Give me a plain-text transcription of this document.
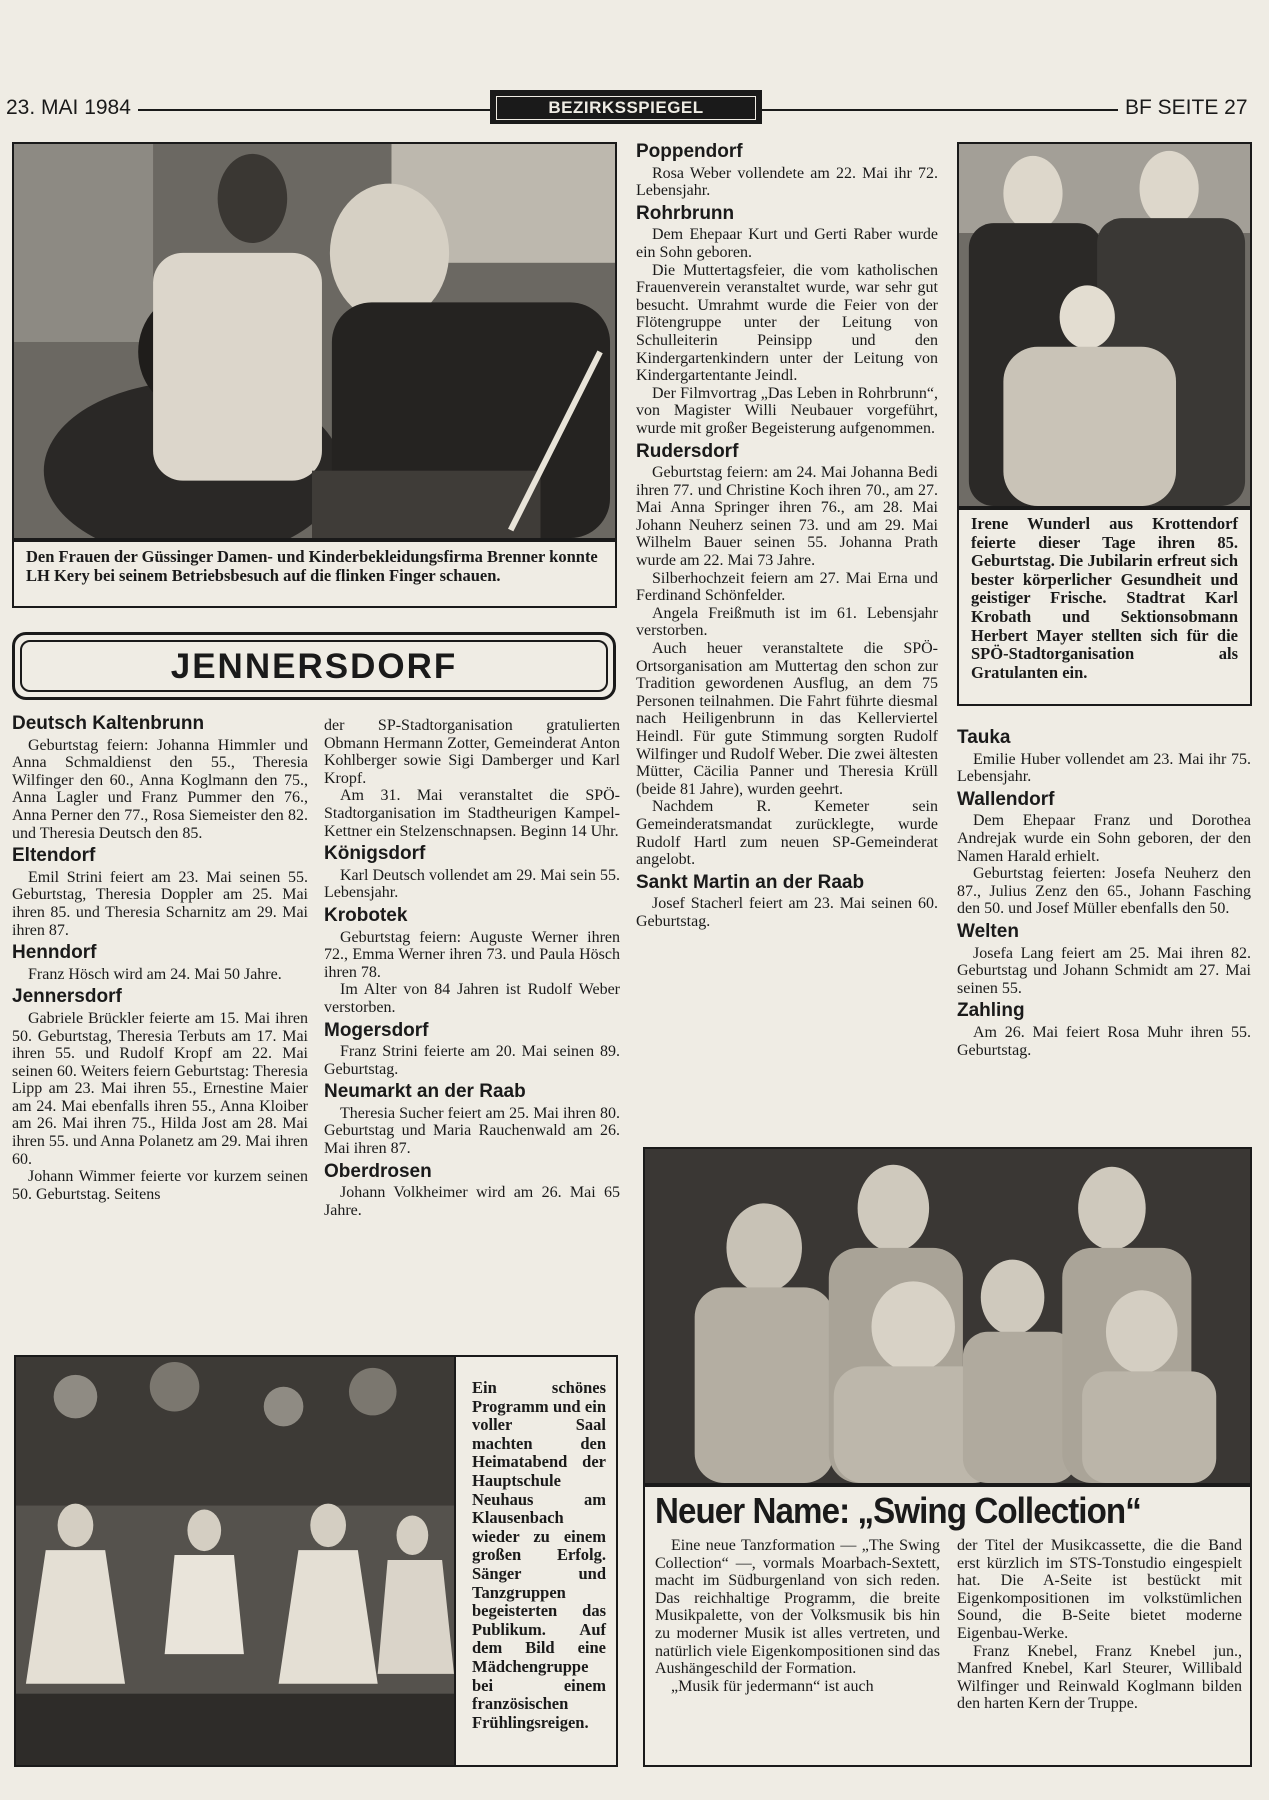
23. MAI 1984	BEZIRKSSPIEGEL	BF SEITE 27
Den Frauen der Güssinger Damen- und Kinderbekleidungsfirma Brenner konnte LH Kery bei seinem Betriebsbesuch auf die flinken Finger schauen.
Irene Wunderl aus Krottendorf feierte dieser Tage ihren 85. Geburtstag. Die Jubilarin erfreut sich bester körperlicher Gesundheit und geistiger Frische. Stadtrat Karl Krobath und Sektionsobmann Herbert Mayer stellten sich für die SPÖ-Stadtorganisation als Gratulanten ein.
JENNERSDORF
Deutsch Kaltenbrunn

Geburtstag feiern: Johanna Himmler und Anna Schmaldienst den 55., Theresia Wilfinger den 60., Anna Koglmann den 75., Anna Lagler und Franz Pummer den 76., Anna Perner den 77., Rosa Siemeister den 82. und Theresia Deutsch den 85.

Eltendorf

Emil Strini feiert am 23. Mai seinen 55. Geburtstag, Theresia Doppler am 25. Mai ihren 85. und Theresia Scharnitz am 29. Mai ihren 87.

Henndorf

Franz Hösch wird am 24. Mai 50 Jahre.

Jennersdorf

Gabriele Brückler feierte am 15. Mai ihren 50. Geburtstag, Theresia Terbuts am 17. Mai ihren 55. und Rudolf Kropf am 22. Mai seinen 60. Weiters feiern Geburtstag: Theresia Lipp am 23. Mai ihren 55., Ernestine Maier am 24. Mai ebenfalls ihren 55., Anna Kloiber am 26. Mai ihren 75., Hilda Jost am 28. Mai ihren 55. und Anna Polanetz am 29. Mai ihren 60.

Johann Wimmer feierte vor kurzem seinen 50. Geburtstag. Seitens

der SP-Stadtorganisation gratulierten Obmann Hermann Zotter, Gemeinderat Anton Kohlberger sowie Sigi Damberger und Karl Kropf.

Am 31. Mai veranstaltet die SPÖ-Stadtorganisation im Stadtheurigen Kampel-Kettner ein Stelzenschnapsen. Beginn 14 Uhr.

Königsdorf

Karl Deutsch vollendet am 29. Mai sein 55. Lebensjahr.

Krobotek

Geburtstag feiern: Auguste Werner ihren 72., Emma Werner ihren 73. und Paula Hösch ihren 78.

Im Alter von 84 Jahren ist Rudolf Weber verstorben.

Mogersdorf

Franz Strini feierte am 20. Mai seinen 89. Geburtstag.

Neumarkt an der Raab

Theresia Sucher feiert am 25. Mai ihren 80. Geburtstag und Maria Rauchenwald am 26. Mai ihren 87.

Oberdrosen

Johann Volkheimer wird am 26. Mai 65 Jahre.

Poppendorf

Rosa Weber vollendete am 22. Mai ihr 72. Lebensjahr.

Rohrbrunn

Dem Ehepaar Kurt und Gerti Raber wurde ein Sohn geboren.

Die Muttertagsfeier, die vom katholischen Frauenverein veranstaltet wurde, war sehr gut besucht. Umrahmt wurde die Feier von der Flötengruppe unter der Leitung von Schulleiterin Peinsipp und den Kindergartenkindern unter der Leitung von Kindergartentante Jeindl.

Der Filmvortrag „Das Leben in Rohrbrunn“, von Magister Willi Neubauer vorgeführt, wurde mit großer Begeisterung aufgenommen.

Rudersdorf

Geburtstag feiern: am 24. Mai Johanna Bedi ihren 77. und Christine Koch ihren 70., am 27. Mai Anna Springer ihren 76., am 28. Mai Johann Neuherz seinen 73. und am 29. Mai Wilhelm Bauer seinen 55. Johanna Prath wurde am 22. Mai 73 Jahre.

Silberhochzeit feiern am 27. Mai Erna und Ferdinand Schönfelder.

Angela Freißmuth ist im 61. Lebensjahr verstorben.

Auch heuer veranstaltete die SPÖ-Ortsorganisation am Muttertag den schon zur Tradition gewordenen Ausflug, an dem 75 Personen teilnahmen. Die Fahrt führte diesmal nach Heiligenbrunn in das Kellerviertel Heindl. Für gute Stimmung sorgten Rudolf Wilfinger und Rudolf Weber. Die zwei ältesten Mütter, Cäcilia Panner und Theresia Krüll (beide 81 Jahre), wurden geehrt.

Nachdem R. Kemeter sein Gemeinderatsmandat zurücklegte, wurde Rudolf Hartl zum neuen SP-Gemeinderat angelobt.

Sankt Martin an der Raab

Josef Stacherl feiert am 23. Mai seinen 60. Geburtstag.

Tauka

Emilie Huber vollendet am 23. Mai ihr 75. Lebensjahr.

Wallendorf

Dem Ehepaar Franz und Dorothea Andrejak wurde ein Sohn geboren, der den Namen Harald erhielt.

Geburtstag feierten: Josefa Neuherz den 87., Julius Zenz den 65., Johann Fasching den 50. und Josef Müller ebenfalls den 50.

Welten

Josefa Lang feiert am 25. Mai ihren 82. Geburtstag und Johann Schmidt am 27. Mai seinen 55.

Zahling

Am 26. Mai feiert Rosa Muhr ihren 55. Geburtstag.

Ein schönes Programm und ein voller Saal machten den Heimatabend der Hauptschule Neuhaus am Klausenbach wieder zu einem großen Erfolg. Sänger und Tanzgruppen begeisterten das Publikum. Auf dem Bild eine Mädchengruppe bei einem französischen Frühlingsreigen.
Neuer Name: „Swing Collection“

Eine neue Tanzformation — „The Swing Collection“ —, vormals Moarbach-Sextett, macht im Südburgenland von sich reden. Das reichhaltige Programm, die breite Musikpalette, von der Volksmusik bis hin zu moderner Musik ist alles vertreten, und natürlich viele Eigenkompositionen sind das Aushängeschild der Formation.

„Musik für jedermann“ ist auch

der Titel der Musikcassette, die die Band erst kürzlich im STS-Tonstudio eingespielt hat. Die A-Seite ist bestückt mit Eigenkompositionen im volkstümlichen Sound, die B-Seite bietet moderne Eigenbau-Werke.

Franz Knebel, Franz Knebel jun., Manfred Knebel, Karl Steurer, Willibald Wilfinger und Reinwald Koglmann bilden den harten Kern der Truppe.
